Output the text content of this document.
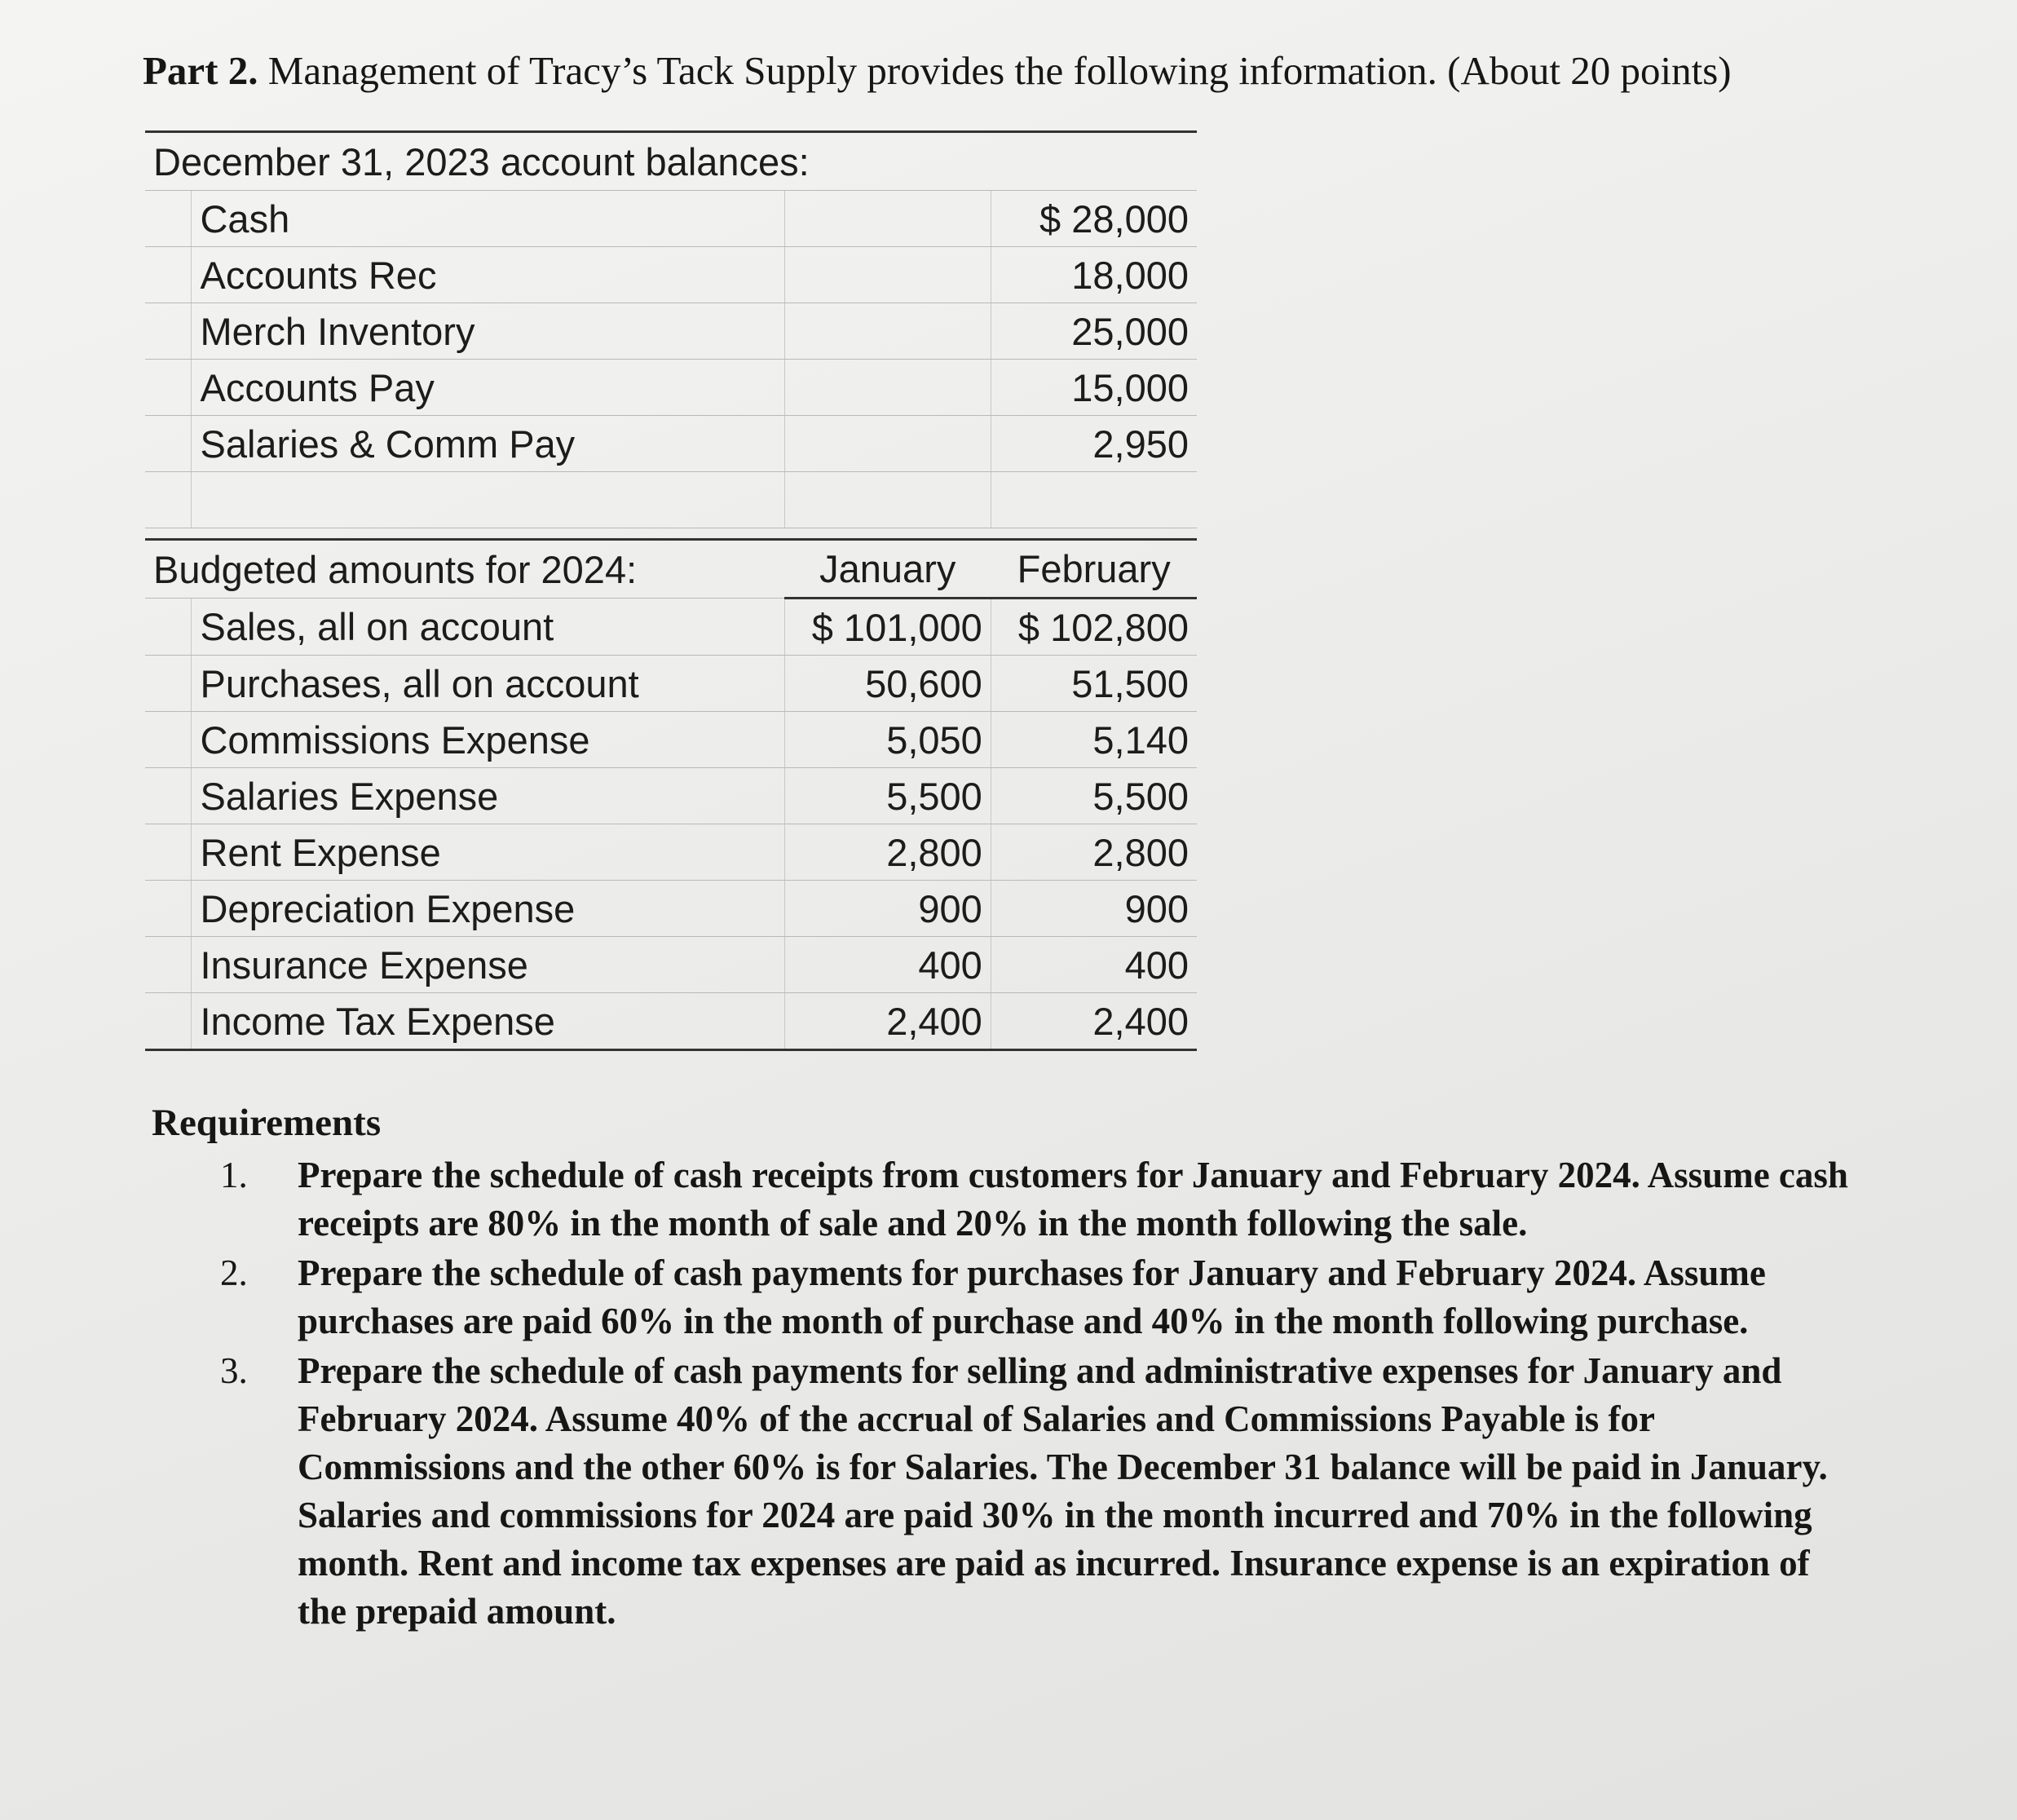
Part 2. Management of Tracy’s Tack Supply provides the following information. (About 20 points)
December 31, 2023 account balances:			
	Cash		$ 28,000
	Accounts Rec		18,000
	Merch Inventory		25,000
	Accounts Pay		15,000
	Salaries & Comm Pay		2,950

Budgeted amounts for 2024:		January	February
	Sales, all on account	$ 101,000	$ 102,800
	Purchases, all on account	50,600	51,500
	Commissions Expense	5,050	5,140
	Salaries Expense	5,500	5,500
	Rent Expense	2,800	2,800
	Depreciation Expense	900	900
	Insurance Expense	400	400
	Income Tax Expense	2,400	2,400
Requirements
1. Prepare the schedule of cash receipts from customers for January and February 2024. Assume cash receipts are 80% in the month of sale and 20% in the month following the sale.
2. Prepare the schedule of cash payments for purchases for January and February 2024. Assume purchases are paid 60% in the month of purchase and 40% in the month following purchase.
3. Prepare the schedule of cash payments for selling and administrative expenses for January and February 2024. Assume 40% of the accrual of Salaries and Commissions Payable is for Commissions and the other 60% is for Salaries. The December 31 balance will be paid in January. Salaries and commissions for 2024 are paid 30% in the month incurred and 70% in the following month. Rent and income tax expenses are paid as incurred. Insurance expense is an expiration of the prepaid amount.
